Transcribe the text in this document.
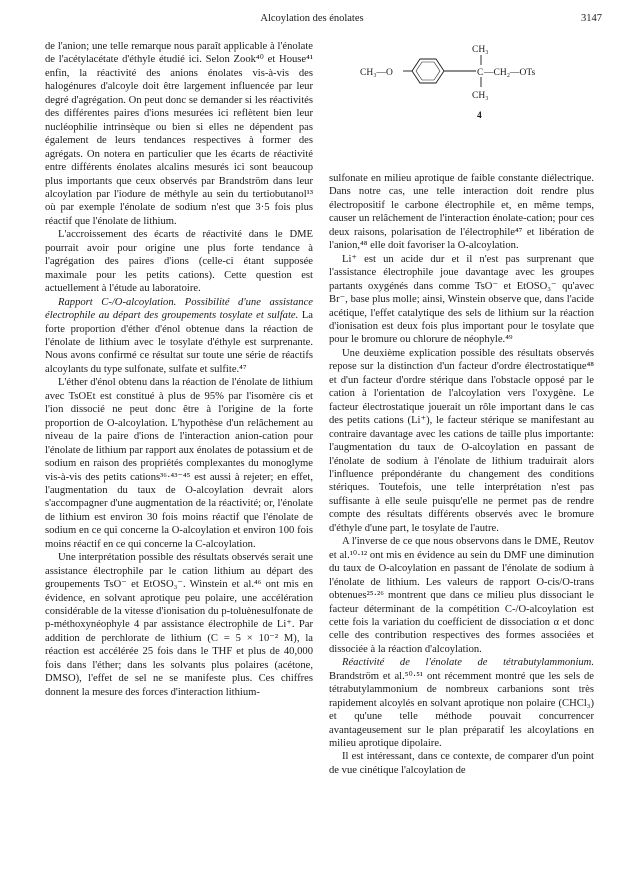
Alcoylation des énolates	3147
CH₃
CH₃—O	C —CH₂—OTs
CH₃
4

de l'anion; une telle remarque nous paraît applicable à l'énolate de l'acétylacétate d'éthyle étudié ici. Selon Zook⁴⁰ et House⁴¹ enfin, la réactivité des anions énolates vis-à-vis des halogénures d'alcoyle doit être largement influencée par leur degré d'agrégation. On peut donc se demander si les réactivités des différentes paires d'ions mesurées ici reflètent bien leur nucléophilie intrinsèque ou bien si elles ne dépendent pas également de leurs tendances respectives à former des agrégats. On notera en particulier que les écarts de réactivité entre différents énolates alcalins mesurés ici sont beaucoup plus importants que ceux observés par Brandström dans leur alcoylation par l'iodure de méthyle au sein du tertiobutanol¹³ où par exemple l'énolate de sodium n'est que 3·5 fois plus réactif que l'énolate de lithium.

L'accroissement des écarts de réactivité dans le DME pourrait avoir pour origine une plus forte tendance à l'agrégation des paires d'ions (celle-ci étant supposée maximale pour les petits cations). Cette question est actuellement à l'étude au laboratoire.

Rapport C-/O-alcoylation. Possibilité d'une assistance électrophile au départ des groupements tosylate et sulfate. La forte proportion d'éther d'énol obtenue dans la réaction de l'énolate de lithium avec le tosylate d'éthyle est surprenante. Nous avons confirmé ce résultat sur toute une série de réactifs alcoylants du type sulfonate, sulfate et sulfite.⁴⁷

L'éther d'énol obtenu dans la réaction de l'énolate de lithium avec TsOEt est constitué à plus de 95% par l'isomère cis et l'ion dissocié ne peut donc être à l'origine de la forte proportion de O-alcoylation. L'hypothèse d'un relâchement au niveau de la paire d'ions de l'interaction anion-cation pour l'énolate de lithium par rapport aux énolates de potassium et de sodium en raison des propriétés complexantes du monoglyme vis-à-vis des petits cations³⁶·⁴³⁻⁴⁵ est aussi à rejeter; en effet, l'augmentation du taux de O-alcoylation devrait alors s'accompagner d'une augmentation de la réactivité; or, l'énolate de lithium est environ 30 fois moins réactif que l'énolate de sodium en ce qui concerne la O-alcoylation et environ 100 fois moins réactif en ce qui concerne la C-alcoylation.

Une interprétation possible des résultats observés serait une assistance électrophile par le cation lithium au départ des groupements TsO⁻ et EtOSO₃⁻. Winstein et al.⁴⁶ ont mis en évidence, en solvant aprotique peu polaire, une accélération considérable de la vitesse d'ionisation du p-toluènesulfonate de p-méthoxynéophyle 4 par assistance électrophile de Li⁺. Par addition de perchlorate de lithium (C = 5 × 10⁻² M), la réaction est accélérée 25 fois dans le THF et plus de 40,000 fois dans l'éther; dans les solvants plus polaires (acétone, DMSO), l'effet de sel ne se manifeste plus. Ces chiffres donnent la mesure des forces d'interaction lithium-

sulfonate en milieu aprotique de faible constante diélectrique. Dans notre cas, une telle interaction doit rendre plus électropositif le carbone électrophile et, en même temps, causer un relâchement de l'interaction énolate-cation; pour ces deux raisons, polarisation de l'électrophile⁴⁷ et libération de l'anion,⁴⁸ elle doit favoriser la O-alcoylation.

Li⁺ est un acide dur et il n'est pas surprenant que l'assistance électrophile joue davantage avec les groupes partants oxygénés dans comme TsO⁻ et EtOSO₃⁻ qu'avec Br⁻, base plus molle; ainsi, Winstein observe que, dans l'acide acétique, l'effet catalytique des sels de lithium sur la réaction d'ionisation est deux fois plus important pour le tosylate que pour le bromure ou chlorure de néophyle.⁴⁹

Une deuxième explication possible des résultats observés repose sur la distinction d'un facteur d'ordre électrostatique⁴⁸ et d'un facteur d'ordre stérique dans l'obstacle opposé par le cation à l'orientation de l'alcoylation vers l'oxygène. Le facteur électrostatique jouerait un rôle important dans le cas des petits cations (Li⁺), le facteur stérique se manifestant au contraire davantage avec les cations de taille plus importante: l'augmentation du taux de O-alcoylation en passant de l'énolate de sodium à l'énolate de lithium traduirait alors l'influence prépondérante du changement des conditions stériques. Toutefois, une telle interprétation n'est pas suffisante à elle seule puisqu'elle ne permet pas de rendre compte des résultats différents observés avec le bromure d'éthyle d'une part, le tosylate de l'autre.

A l'inverse de ce que nous observons dans le DME, Reutov et al.¹⁰·¹² ont mis en évidence au sein du DMF une diminution du taux de O-alcoylation en passant de l'énolate de sodium à l'énolate de lithium. Les valeurs de rapport O-cis/O-trans obtenues²⁵·²⁶ montrent que dans ce milieu plus dissociant le facteur déterminant de la compétition C-/O-alcoylation est cette fois la variation du coefficient de dissociation α et donc celle des contribution respectives des formes associées et dissociée à la réaction d'alcoylation.

Réactivité de l'énolate de tétrabutylammonium. Brandström et al.⁵⁰·⁵¹ ont récemment montré que les sels de tétrabutylammonium de nombreux carbanions sont très rapidement alcoylés en solvant aprotique non polaire (CHCl₃) et qu'une telle méthode pouvait concurrencer avantageusement sur le plan préparatif les alcoylations en milieu aprotique dipolaire.

Il est intéressant, dans ce contexte, de comparer d'un point de vue cinétique l'alcoylation de
